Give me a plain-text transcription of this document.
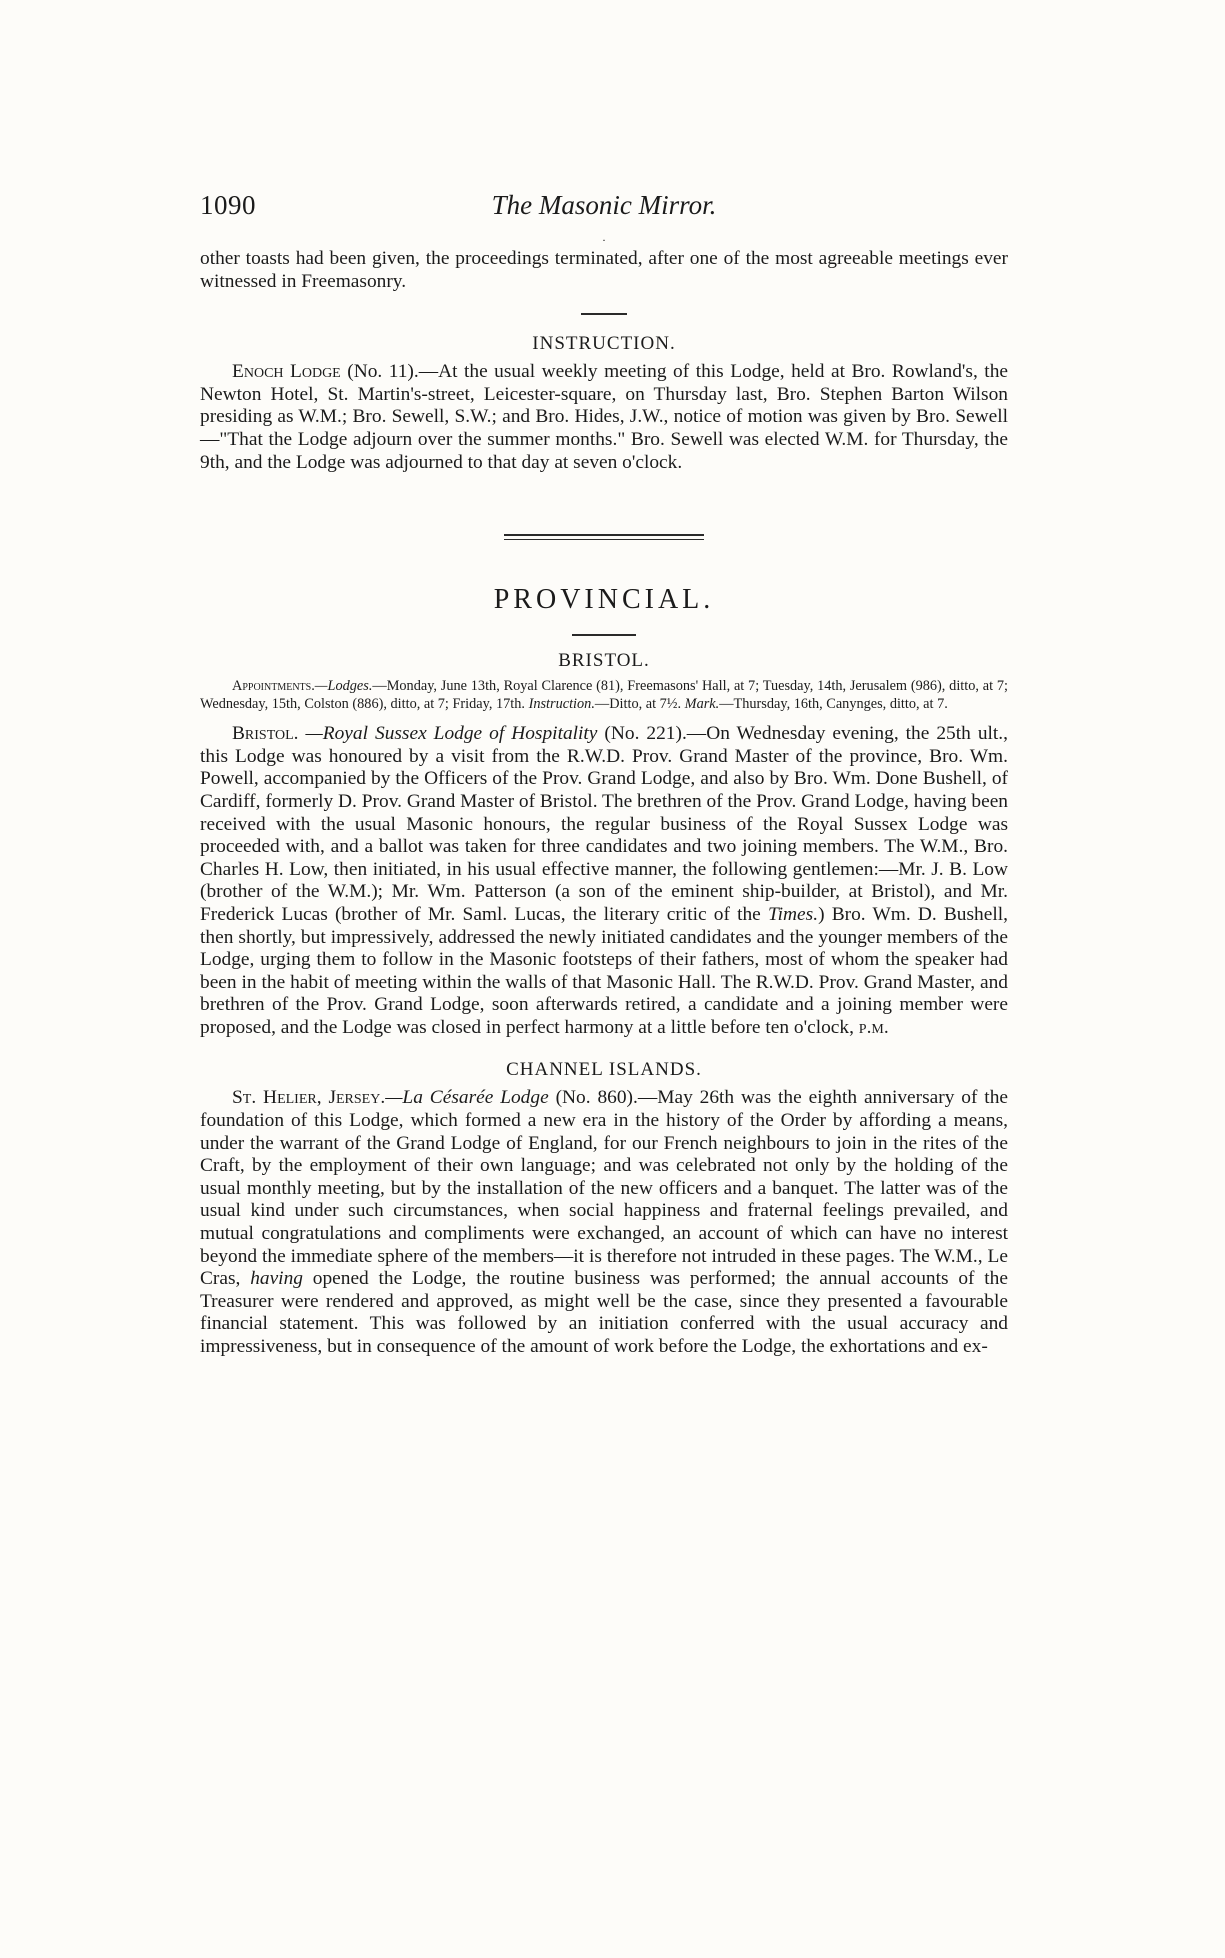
1090	The Masonic Mirror.
·

other toasts had been given, the proceedings terminated, after one of the most agreeable meetings ever witnessed in Freemasonry.

INSTRUCTION.

Enoch Lodge (No. 11).—At the usual weekly meeting of this Lodge, held at Bro. Rowland's, the Newton Hotel, St. Martin's-street, Leicester-square, on Thursday last, Bro. Stephen Barton Wilson presiding as W.M.; Bro. Sewell, S.W.; and Bro. Hides, J.W., notice of motion was given by Bro. Sewell—"That the Lodge adjourn over the summer months." Bro. Sewell was elected W.M. for Thursday, the 9th, and the Lodge was adjourned to that day at seven o'clock.

PROVINCIAL.
BRISTOL.
Appointments.—Lodges.—Monday, June 13th, Royal Clarence (81), Freemasons' Hall, at 7; Tuesday, 14th, Jerusalem (986), ditto, at 7; Wednesday, 15th, Colston (886), ditto, at 7; Friday, 17th. Instruction.—Ditto, at 7½. Mark.—Thursday, 16th, Canynges, ditto, at 7.

Bristol. —Royal Sussex Lodge of Hospitality (No. 221).—On Wednesday evening, the 25th ult., this Lodge was honoured by a visit from the R.W.D. Prov. Grand Master of the province, Bro. Wm. Powell, accompanied by the Officers of the Prov. Grand Lodge, and also by Bro. Wm. Done Bushell, of Cardiff, formerly D. Prov. Grand Master of Bristol. The brethren of the Prov. Grand Lodge, having been received with the usual Masonic honours, the regular business of the Royal Sussex Lodge was proceeded with, and a ballot was taken for three candidates and two joining members. The W.M., Bro. Charles H. Low, then initiated, in his usual effective manner, the following gentlemen:—Mr. J. B. Low (brother of the W.M.); Mr. Wm. Patterson (a son of the eminent ship-builder, at Bristol), and Mr. Frederick Lucas (brother of Mr. Saml. Lucas, the literary critic of the Times.) Bro. Wm. D. Bushell, then shortly, but impressively, addressed the newly initiated candidates and the younger members of the Lodge, urging them to follow in the Masonic footsteps of their fathers, most of whom the speaker had been in the habit of meeting within the walls of that Masonic Hall. The R.W.D. Prov. Grand Master, and brethren of the Prov. Grand Lodge, soon afterwards retired, a candidate and a joining member were proposed, and the Lodge was closed in perfect harmony at a little before ten o'clock, p.m.

CHANNEL ISLANDS.

St. Helier, Jersey.—La Césarée Lodge (No. 860).—May 26th was the eighth anniversary of the foundation of this Lodge, which formed a new era in the history of the Order by affording a means, under the warrant of the Grand Lodge of England, for our French neighbours to join in the rites of the Craft, by the employment of their own language; and was celebrated not only by the holding of the usual monthly meeting, but by the installation of the new officers and a banquet. The latter was of the usual kind under such circumstances, when social happiness and fraternal feelings prevailed, and mutual congratulations and compliments were exchanged, an account of which can have no interest beyond the immediate sphere of the members—it is therefore not intruded in these pages. The W.M., Le Cras, having opened the Lodge, the routine business was performed; the annual accounts of the Treasurer were rendered and approved, as might well be the case, since they presented a favourable financial statement. This was followed by an initiation conferred with the usual accuracy and impressiveness, but in consequence of the amount of work before the Lodge, the exhortations and ex-
